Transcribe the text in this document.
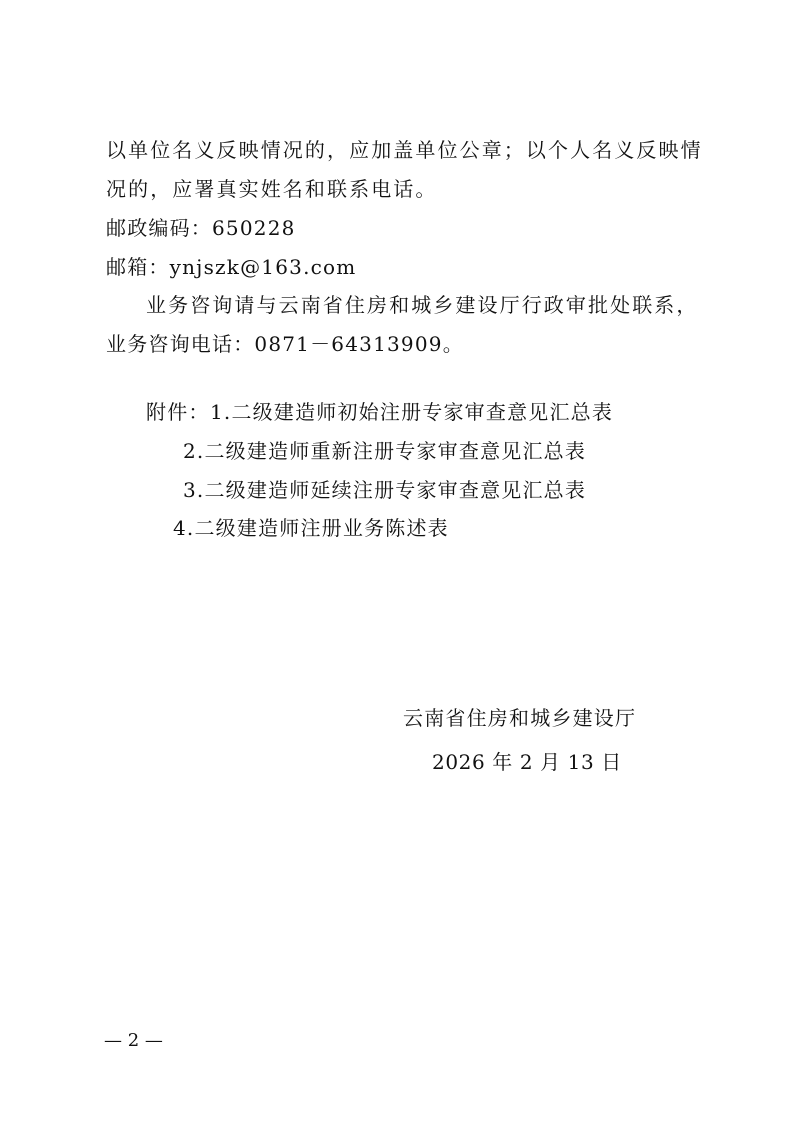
以单位名义反映情况的，应加盖单位公章；以个人名义反映情
况的，应署真实姓名和联系电话。
邮政编码：650228
邮箱：ynjszk@163.com
业务咨询请与云南省住房和城乡建设厅行政审批处联系，
业务咨询电话：0871－64313909。
附件： 1.二级建造师初始注册专家审查意见汇总表
2.二级建造师重新注册专家审查意见汇总表
3.二级建造师延续注册专家审查意见汇总表
4.二级建造师注册业务陈述表
云南省住房和城乡建设厅
2026 年 2 月 13 日
— 2 —
